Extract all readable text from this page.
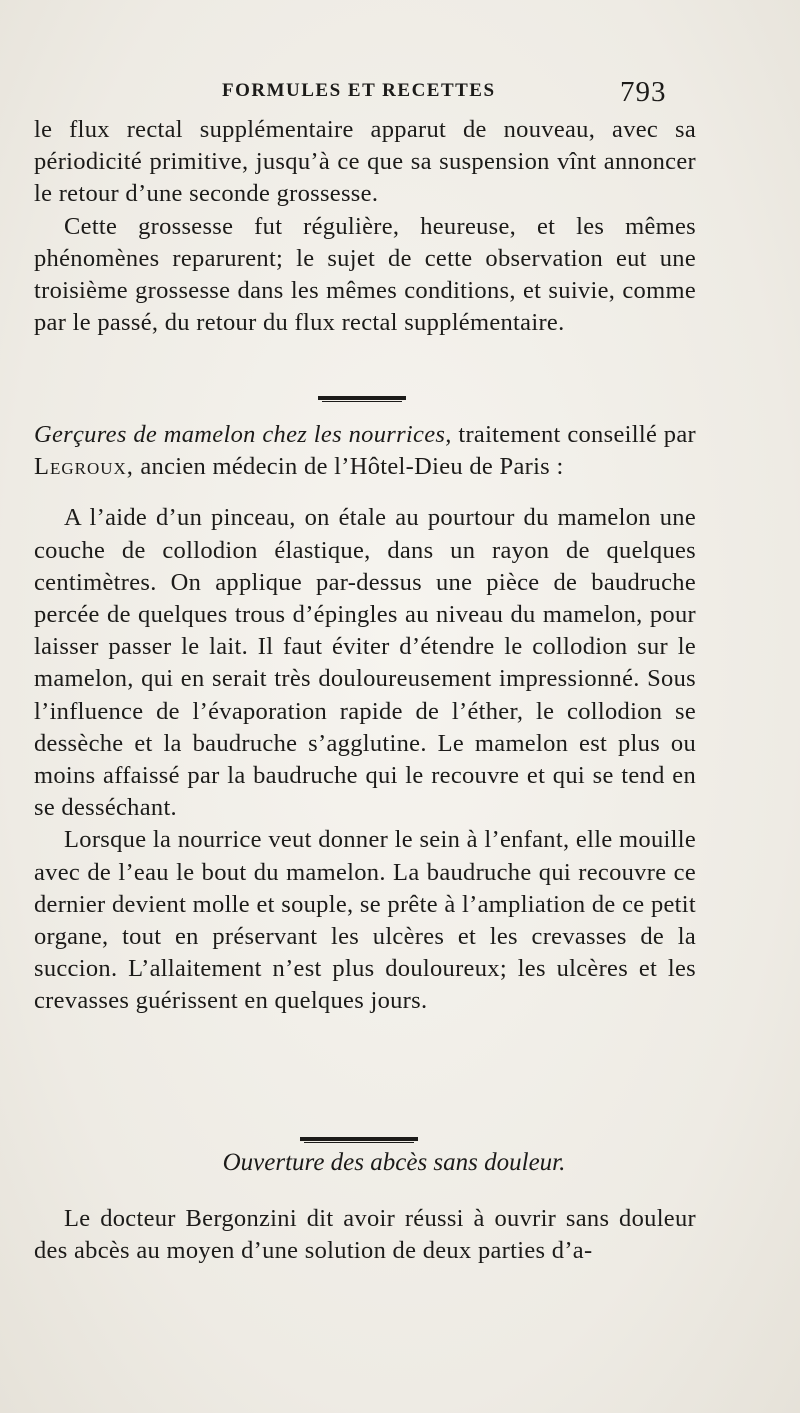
FORMULES ET RECETTES	793

le flux rectal supplémentaire apparut de nouveau, avec sa périodicité primitive, jusqu’à ce que sa suspension vînt annoncer le retour d’une seconde grossesse.

Cette grossesse fut régulière, heureuse, et les mêmes phénomènes reparurent; le sujet de cette observation eut une troisième grossesse dans les mêmes conditions, et suivie, comme par le passé, du retour du flux rectal supplémentaire.

Gerçures de mamelon chez les nourrices, traitement conseillé par Legroux, ancien médecin de l’Hôtel-Dieu de Paris :

A l’aide d’un pinceau, on étale au pourtour du mamelon une couche de collodion élastique, dans un rayon de quelques centimètres. On applique par-dessus une pièce de baudruche percée de quelques trous d’épingles au niveau du mamelon, pour laisser passer le lait. Il faut éviter d’étendre le collodion sur le mamelon, qui en serait très douloureusement impressionné. Sous l’influence de l’évaporation rapide de l’éther, le collodion se dessèche et la baudruche s’agglutine. Le mamelon est plus ou moins affaissé par la baudruche qui le recouvre et qui se tend en se desséchant.

Lorsque la nourrice veut donner le sein à l’enfant, elle mouille avec de l’eau le bout du mamelon. La baudruche qui recouvre ce dernier devient molle et souple, se prête à l’ampliation de ce petit organe, tout en préservant les ulcères et les crevasses de la succion. L’allaitement n’est plus douloureux; les ulcères et les crevasses guérissent en quelques jours.

Ouverture des abcès sans douleur.

Le docteur Bergonzini dit avoir réussi à ouvrir sans douleur des abcès au moyen d’une solution de deux parties d’a-
